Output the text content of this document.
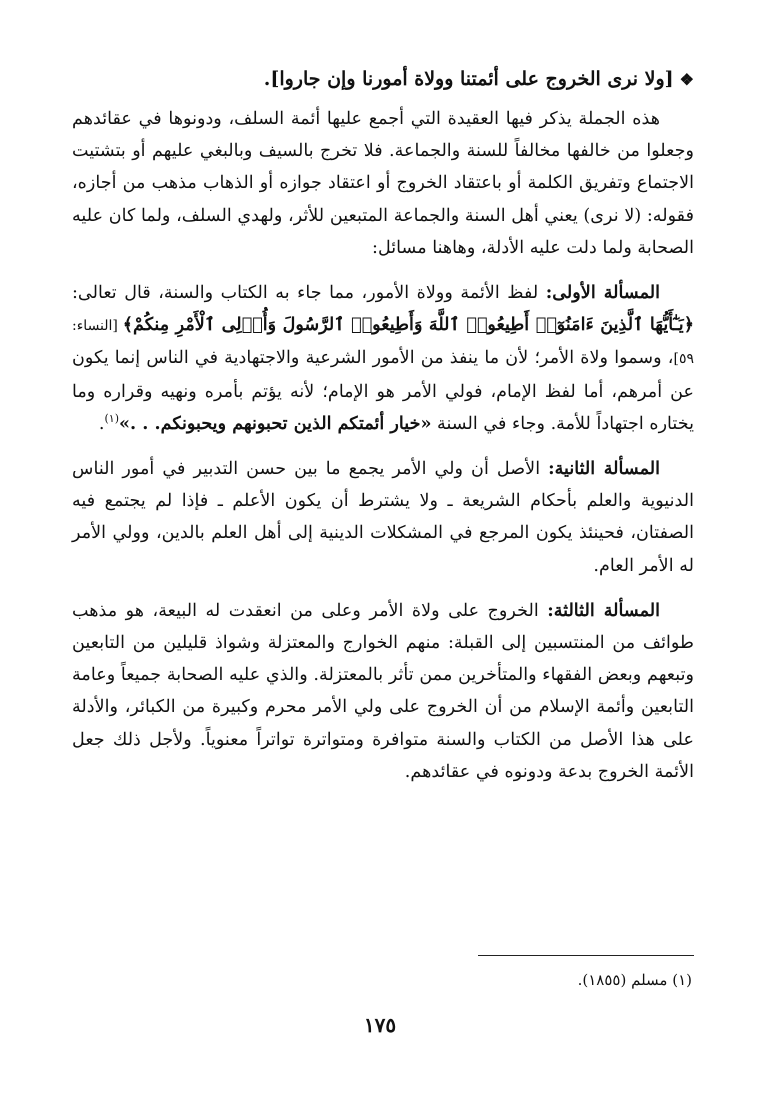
❖[ولا نرى الخروج على أئمتنا وولاة أمورنا وإن جاروا].

هذه الجملة يذكر فيها العقيدة التي أجمع عليها أئمة السلف، ودونوها في عقائدهم وجعلوا من خالفها مخالفاً للسنة والجماعة. فلا تخرج بالسيف وبالبغي عليهم أو بتشتيت الاجتماع وتفريق الكلمة أو باعتقاد الخروج أو اعتقاد جوازه أو الذهاب مذهب من أجازه، فقوله: (لا نرى) يعني أهل السنة والجماعة المتبعين للأثر، ولهدي السلف، ولما كان عليه الصحابة ولما دلت عليه الأدلة، وهاهنا مسائل:

المسألة الأولى: لفظ الأئمة وولاة الأمور، مما جاء به الكتاب والسنة، قال تعالى: ﴿يَـٰٓأَيُّهَا ٱلَّذِينَ ءَامَنُوٓا۟ أَطِيعُوا۟ ٱللَّهَ وَأَطِيعُوا۟ ٱلرَّسُولَ وَأُو۟لِى ٱلْأَمْرِ مِنكُمْ﴾ [النساء: ٥٩]، وسموا ولاة الأمر؛ لأن ما ينفذ من الأمور الشرعية والاجتهادية في الناس إنما يكون عن أمرهم، أما لفظ الإمام، فولي الأمر هو الإمام؛ لأنه يؤتم بأمره ونهيه وقراره وما يختاره اجتهاداً للأمة. وجاء في السنة «خيار أئمتكم الذين تحبونهم ويحبونكم. . .»$^{(١)}$.

المسألة الثانية: الأصل أن ولي الأمر يجمع ما بين حسن التدبير في أمور الناس الدنيوية والعلم بأحكام الشريعة ـ ولا يشترط أن يكون الأعلم ـ فإذا لم يجتمع فيه الصفتان، فحينئذ يكون المرجع في المشكلات الدينية إلى أهل العلم بالدين، وولي الأمر له الأمر العام.

المسألة الثالثة: الخروج على ولاة الأمر وعلى من انعقدت له البيعة، هو مذهب طوائف من المنتسبين إلى القبلة: منهم الخوارج والمعتزلة وشواذ قليلين من التابعين وتبعهم وبعض الفقهاء والمتأخرين ممن تأثر بالمعتزلة. والذي عليه الصحابة جميعاً وعامة التابعين وأئمة الإسلام من أن الخروج على ولي الأمر محرم وكبيرة من الكبائر، والأدلة على هذا الأصل من الكتاب والسنة متوافرة ومتواترة تواتراً معنوياً. ولأجل ذلك جعل الأئمة الخروج بدعة ودونوه في عقائدهم.

(١) مسلم (١٨٥٥).
١٧٥
